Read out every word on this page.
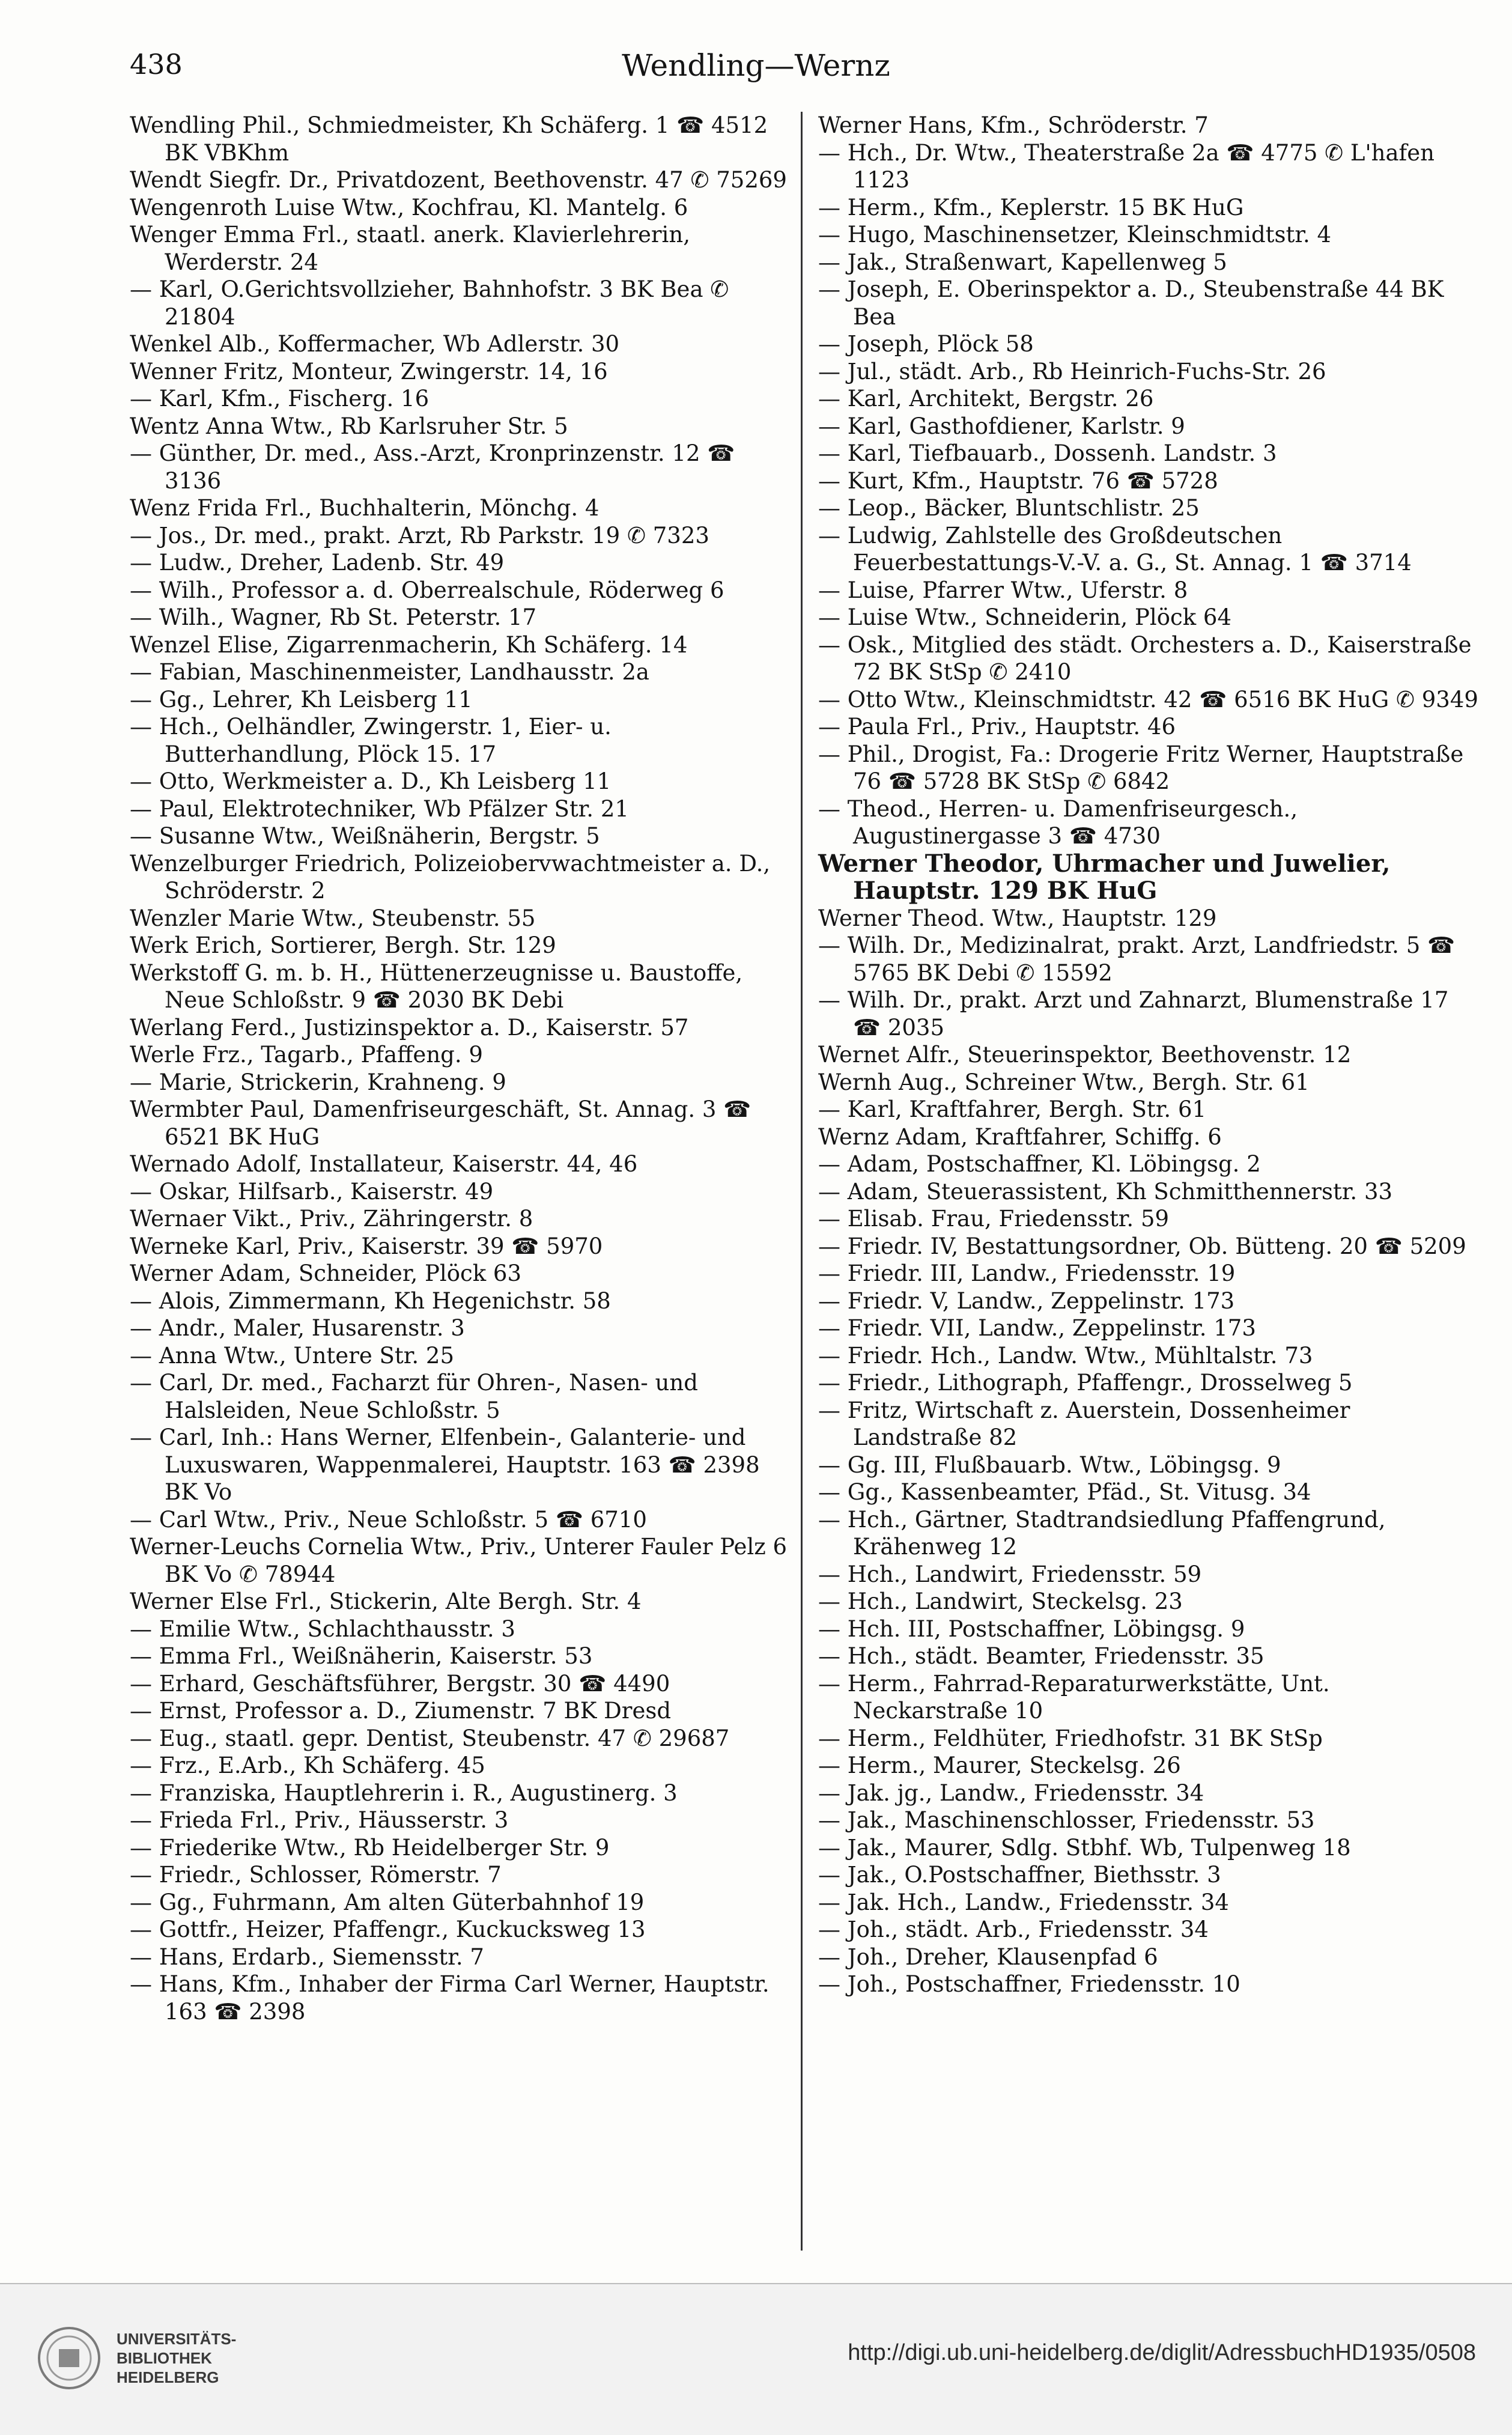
438	Wendling—Wernz

Wendling Phil., Schmiedmeister, Kh Schäferg. 1 ☎ 4512 BK VBKhm

Wendt Siegfr. Dr., Privatdozent, Beethovenstr. 47 ✆ 75269

Wengenroth Luise Wtw., Kochfrau, Kl. Mantelg. 6

Wenger Emma Frl., staatl. anerk. Klavierlehrerin, Werderstr. 24

— Karl, O.Gerichtsvollzieher, Bahnhofstr. 3 BK Bea ✆ 21804

Wenkel Alb., Koffermacher, Wb Adlerstr. 30

Wenner Fritz, Monteur, Zwingerstr. 14, 16

— Karl, Kfm., Fischerg. 16

Wentz Anna Wtw., Rb Karlsruher Str. 5

— Günther, Dr. med., Ass.-Arzt, Kronprinzenstr. 12 ☎ 3136

Wenz Frida Frl., Buchhalterin, Mönchg. 4

— Jos., Dr. med., prakt. Arzt, Rb Parkstr. 19 ✆ 7323

— Ludw., Dreher, Ladenb. Str. 49

— Wilh., Professor a. d. Oberrealschule, Röderweg 6

— Wilh., Wagner, Rb St. Peterstr. 17

Wenzel Elise, Zigarrenmacherin, Kh Schäferg. 14

— Fabian, Maschinenmeister, Landhausstr. 2a

— Gg., Lehrer, Kh Leisberg 11

— Hch., Oelhändler, Zwingerstr. 1, Eier- u. Butterhandlung, Plöck 15. 17

— Otto, Werkmeister a. D., Kh Leisberg 11

— Paul, Elektrotechniker, Wb Pfälzer Str. 21

— Susanne Wtw., Weißnäherin, Bergstr. 5

Wenzelburger Friedrich, Polizeiobervwachtmeister a. D., Schröderstr. 2

Wenzler Marie Wtw., Steubenstr. 55

Werk Erich, Sortierer, Bergh. Str. 129

Werkstoff G. m. b. H., Hüttenerzeugnisse u. Baustoffe, Neue Schloßstr. 9 ☎ 2030 BK Debi

Werlang Ferd., Justizinspektor a. D., Kaiserstr. 57

Werle Frz., Tagarb., Pfaffeng. 9

— Marie, Strickerin, Krahneng. 9

Wermbter Paul, Damenfriseurgeschäft, St. Annag. 3 ☎ 6521 BK HuG

Wernado Adolf, Installateur, Kaiserstr. 44, 46

— Oskar, Hilfsarb., Kaiserstr. 49

Wernaer Vikt., Priv., Zähringerstr. 8

Werneke Karl, Priv., Kaiserstr. 39 ☎ 5970

Werner Adam, Schneider, Plöck 63

— Alois, Zimmermann, Kh Hegenichstr. 58

— Andr., Maler, Husarenstr. 3

— Anna Wtw., Untere Str. 25

— Carl, Dr. med., Facharzt für Ohren-, Nasen- und Halsleiden, Neue Schloßstr. 5

— Carl, Inh.: Hans Werner, Elfenbein-, Galanterie- und Luxuswaren, Wappenmalerei, Hauptstr. 163 ☎ 2398 BK Vo

— Carl Wtw., Priv., Neue Schloßstr. 5 ☎ 6710

Werner-Leuchs Cornelia Wtw., Priv., Unterer Fauler Pelz 6 BK Vo ✆ 78944

Werner Else Frl., Stickerin, Alte Bergh. Str. 4

— Emilie Wtw., Schlachthausstr. 3

— Emma Frl., Weißnäherin, Kaiserstr. 53

— Erhard, Geschäftsführer, Bergstr. 30 ☎ 4490

— Ernst, Professor a. D., Ziumenstr. 7 BK Dresd

— Eug., staatl. gepr. Dentist, Steubenstr. 47 ✆ 29687

— Frz., E.Arb., Kh Schäferg. 45

— Franziska, Hauptlehrerin i. R., Augustinerg. 3

— Frieda Frl., Priv., Häusserstr. 3

— Friederike Wtw., Rb Heidelberger Str. 9

— Friedr., Schlosser, Römerstr. 7

— Gg., Fuhrmann, Am alten Güterbahnhof 19

— Gottfr., Heizer, Pfaffengr., Kuckucksweg 13

— Hans, Erdarb., Siemensstr. 7

— Hans, Kfm., Inhaber der Firma Carl Werner, Hauptstr. 163 ☎ 2398

Werner Hans, Kfm., Schröderstr. 7

— Hch., Dr. Wtw., Theaterstraße 2a ☎ 4775 ✆ L'hafen 1123

— Herm., Kfm., Keplerstr. 15 BK HuG

— Hugo, Maschinensetzer, Kleinschmidtstr. 4

— Jak., Straßenwart, Kapellenweg 5

— Joseph, E. Oberinspektor a. D., Steubenstraße 44 BK Bea

— Joseph, Plöck 58

— Jul., städt. Arb., Rb Heinrich-Fuchs-Str. 26

— Karl, Architekt, Bergstr. 26

— Karl, Gasthofdiener, Karlstr. 9

— Karl, Tiefbauarb., Dossenh. Landstr. 3

— Kurt, Kfm., Hauptstr. 76 ☎ 5728

— Leop., Bäcker, Bluntschlistr. 25

— Ludwig, Zahlstelle des Großdeutschen Feuerbestattungs-V.-V. a. G., St. Annag. 1 ☎ 3714

— Luise, Pfarrer Wtw., Uferstr. 8

— Luise Wtw., Schneiderin, Plöck 64

— Osk., Mitglied des städt. Orchesters a. D., Kaiserstraße 72 BK StSp ✆ 2410

— Otto Wtw., Kleinschmidtstr. 42 ☎ 6516 BK HuG ✆ 9349

— Paula Frl., Priv., Hauptstr. 46

— Phil., Drogist, Fa.: Drogerie Fritz Werner, Hauptstraße 76 ☎ 5728 BK StSp ✆ 6842

— Theod., Herren- u. Damenfriseurgesch., Augustinergasse 3 ☎ 4730

Werner Theodor, Uhrmacher und Juwelier, Hauptstr. 129 BK HuG

Werner Theod. Wtw., Hauptstr. 129

— Wilh. Dr., Medizinalrat, prakt. Arzt, Landfriedstr. 5 ☎ 5765 BK Debi ✆ 15592

— Wilh. Dr., prakt. Arzt und Zahnarzt, Blumenstraße 17 ☎ 2035

Wernet Alfr., Steuerinspektor, Beethovenstr. 12

Wernh Aug., Schreiner Wtw., Bergh. Str. 61

— Karl, Kraftfahrer, Bergh. Str. 61

Wernz Adam, Kraftfahrer, Schiffg. 6

— Adam, Postschaffner, Kl. Löbingsg. 2

— Adam, Steuerassistent, Kh Schmitthennerstr. 33

— Elisab. Frau, Friedensstr. 59

— Friedr. IV, Bestattungsordner, Ob. Bütteng. 20 ☎ 5209

— Friedr. III, Landw., Friedensstr. 19

— Friedr. V, Landw., Zeppelinstr. 173

— Friedr. VII, Landw., Zeppelinstr. 173

— Friedr. Hch., Landw. Wtw., Mühltalstr. 73

— Friedr., Lithograph, Pfaffengr., Drosselweg 5

— Fritz, Wirtschaft z. Auerstein, Dossenheimer Landstraße 82

— Gg. III, Flußbauarb. Wtw., Löbingsg. 9

— Gg., Kassenbeamter, Pfäd., St. Vitusg. 34

— Hch., Gärtner, Stadtrandsiedlung Pfaffengrund, Krähenweg 12

— Hch., Landwirt, Friedensstr. 59

— Hch., Landwirt, Steckelsg. 23

— Hch. III, Postschaffner, Löbingsg. 9

— Hch., städt. Beamter, Friedensstr. 35

— Herm., Fahrrad-Reparaturwerkstätte, Unt. Neckarstraße 10

— Herm., Feldhüter, Friedhofstr. 31 BK StSp

— Herm., Maurer, Steckelsg. 26

— Jak. jg., Landw., Friedensstr. 34

— Jak., Maschinenschlosser, Friedensstr. 53

— Jak., Maurer, Sdlg. Stbhf. Wb, Tulpenweg 18

— Jak., O.Postschaffner, Biethsstr. 3

— Jak. Hch., Landw., Friedensstr. 34

— Joh., städt. Arb., Friedensstr. 34

— Joh., Dreher, Klausenpfad 6

— Joh., Postschaffner, Friedensstr. 10

UNIVERSITÄTS-
BIBLIOTHEK
HEIDELBERG
http://digi.ub.uni-heidelberg.de/diglit/AdressbuchHD1935/0508
